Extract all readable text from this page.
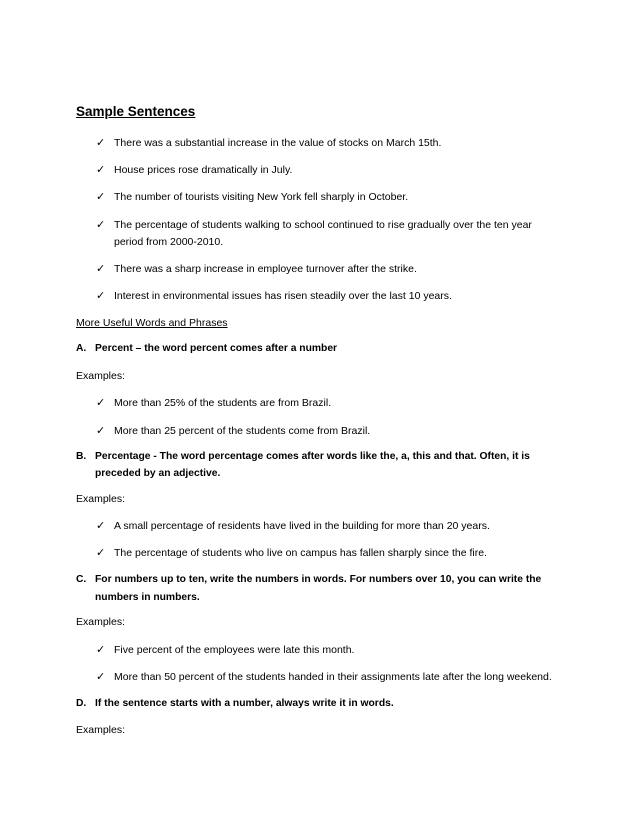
Sample Sentences
✓ There was a substantial increase in the value of stocks on March 15th.
✓ House prices rose dramatically in July.
✓ The number of tourists visiting New York fell sharply in October.
✓ The percentage of students walking to school continued to rise gradually over the ten year
period from 2000-2010.
✓ There was a sharp increase in employee turnover after the strike.
✓ Interest in environmental issues has risen steadily over the last 10 years.
More Useful Words and Phrases
A. Percent – the word percent comes after a number
Examples:
✓ More than 25% of the students are from Brazil.
✓ More than 25 percent of the students come from Brazil.
B. Percentage - The word percentage comes after words like the, a, this and that. Often, it is
preceded by an adjective.
Examples:
✓ A small percentage of residents have lived in the building for more than 20 years.
✓ The percentage of students who live on campus has fallen sharply since the fire.
C. For numbers up to ten, write the numbers in words. For numbers over 10, you can write the
numbers in numbers.
Examples:
✓ Five percent of the employees were late this month.
✓ More than 50 percent of the students handed in their assignments late after the long weekend.
D. If the sentence starts with a number, always write it in words.
Examples:
